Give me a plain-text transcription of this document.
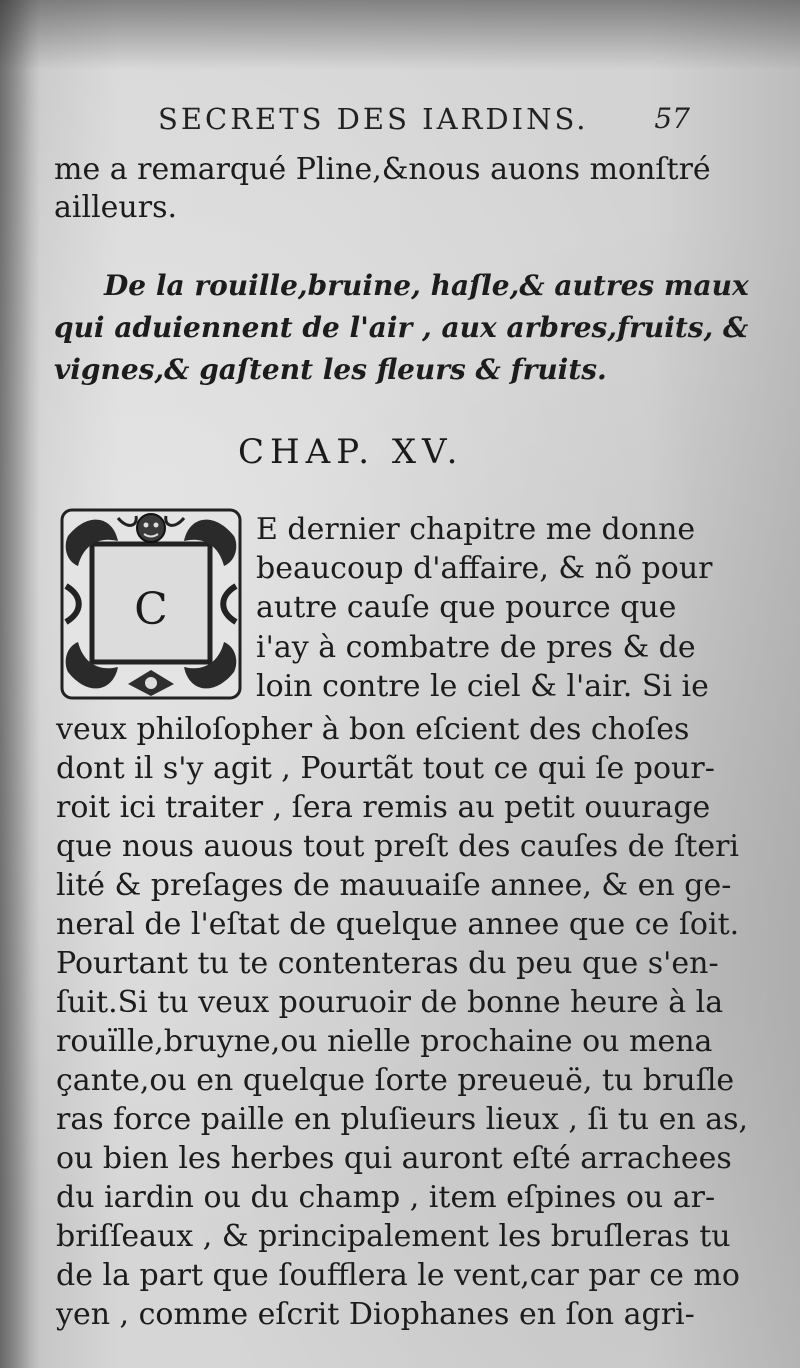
SECRETS DES IARDINS. 57
me a remarqué Pline,&nous auons monſtré
ailleurs.
De la rouille,bruine, haſle,& autres maux
qui aduiennent de l'air , aux arbres,fruits, &
vignes,& gaſtent les fleurs & fruits.
CHAP. XV.
C
E dernier chapitre me donne
beaucoup d'affaire, & nõ pour
autre cauſe que pource que
i'ay à combatre de pres & de
loin contre le ciel & l'air. Si ie
veux philoſopher à bon eſcient des choſes
dont il s'y agit , Pourtãt tout ce qui ſe pour-
roit ici traiter , ſera remis au petit ouurage
que nous auous tout preſt des cauſes de ſteri
lité & preſages de mauuaiſe annee, & en ge-
neral de l'eſtat de quelque annee que ce ſoit.
Pourtant tu te contenteras du peu que s'en-
ſuit.Si tu veux pouruoir de bonne heure à la
rouïlle,bruyne,ou nielle prochaine ou mena
çante,ou en quelque ſorte preueuë, tu bruſle
ras force paille en pluſieurs lieux , ſi tu en as,
ou bien les herbes qui auront eſté arrachees
du iardin ou du champ , item eſpines ou ar-
briſſeaux , & principalement les bruſleras tu
de la part que ſoufflera le vent,car par ce mo
yen , comme eſcrit Diophanes en ſon agri-
